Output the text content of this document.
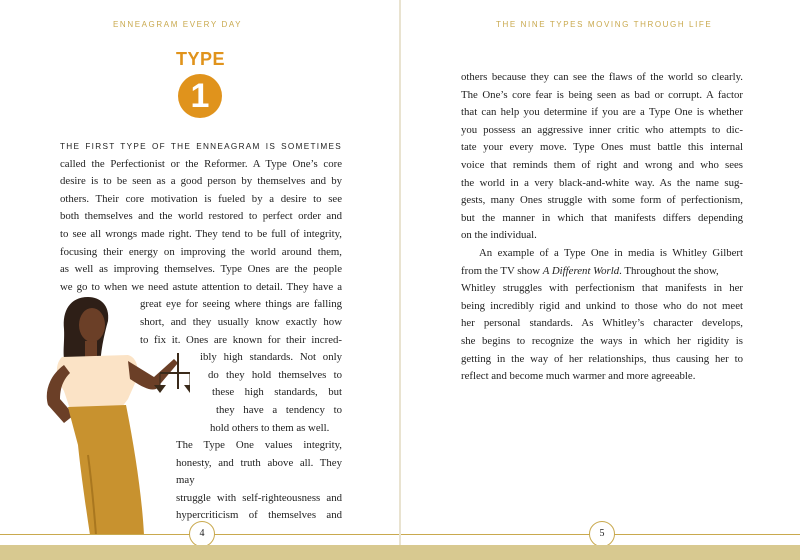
ENNEAGRAM EVERY DAY
TYPE
1
THE FIRST TYPE OF THE ENNEAGRAM IS SOMETIMES
called the Perfectionist or the Reformer. A Type One’s core
desire is to be seen as a good person by themselves and by
others. Their core motivation is fueled by a desire to see
both themselves and the world restored to perfect order and
to see all wrongs made right. They tend to be full of integrity,
focusing their energy on improving the world around them,
as well as improving themselves. Type Ones are the people
we go to when we need astute attention to detail. They have a
great eye for seeing where things are falling
short, and they usually know exactly how
to fix it. Ones are known for their incred-
ibly high standards. Not only
do they hold themselves to
these high standards, but
they have a tendency to
hold others to them as well.
The Type One values integrity,
honesty, and truth above all. They may
struggle with self-righteousness and
hypercriticism of themselves and
4
THE NINE TYPES MOVING THROUGH LIFE
others because they can see the flaws of the world so clearly.
The One’s core fear is being seen as bad or corrupt. A factor
that can help you determine if you are a Type One is whether
you possess an aggressive inner critic who attempts to dic-
tate your every move. Type Ones must battle this internal
voice that reminds them of right and wrong and who sees
the world in a very black-and-white way. As the name sug-
gests, many Ones struggle with some form of perfectionism,
but the manner in which that manifests differs depending
on the individual.
An example of a Type One in media is Whitley Gilbert
from the TV show A Different World. Throughout the show,
Whitley struggles with perfectionism that manifests in her
being incredibly rigid and unkind to those who do not meet
her personal standards. As Whitley’s character develops,
she begins to recognize the ways in which her rigidity is
getting in the way of her relationships, thus causing her to
reflect and become much warmer and more agreeable.
5
